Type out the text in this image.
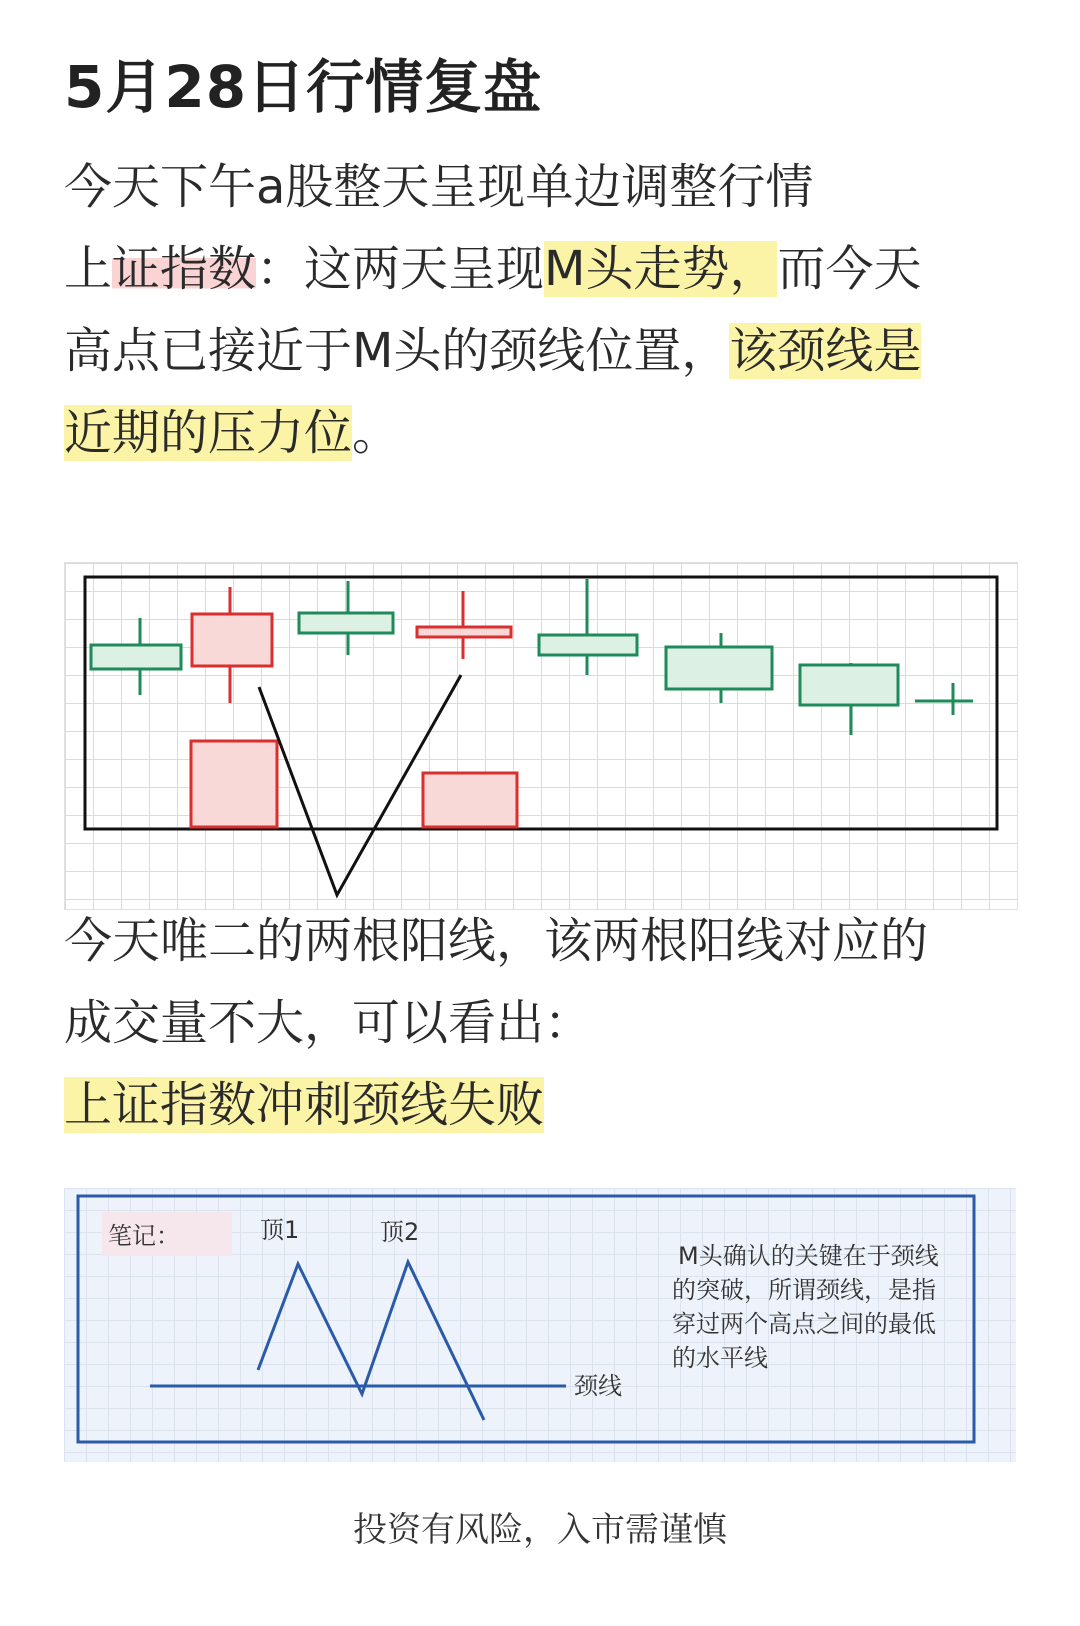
5月28日行情复盘
今天下午a股整天呈现单边调整行情
上证指数：这两天呈现M头走势，而今天高点已接近于M头的颈线位置，该颈线是近期的压力位。
今天唯二的两根阳线，该两根阳线对应的成交量不大，可以看出：
上证指数冲刺颈线失败
笔记：	顶1	顶2
颈线
M头确认的关键在于颈线
的突破，所谓颈线，是指
穿过两个高点之间的最低
的水平线
投资有风险，入市需谨慎
